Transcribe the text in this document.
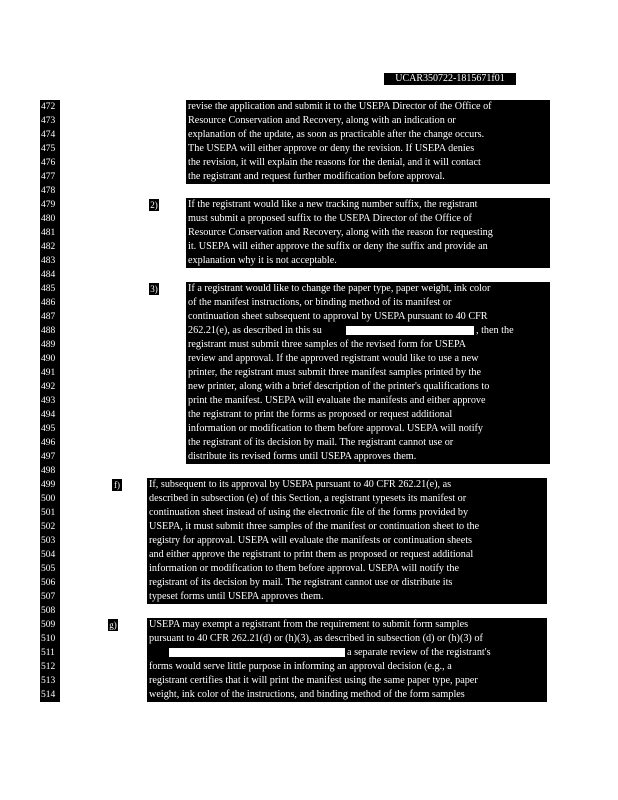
UCAR350722-1815671f01
472
473
474
475
476
477
478
479
480
481
482
483
484
485
486
487
488
489
490
491
492
493
494
495
496
497
498
499
500
501
502
503
504
505
506
507
508
509
510
511
512
513
514
revise the application and submit it to the USEPA Director of the Office of
Resource Conservation and Recovery, along with an indication or
explanation of the update, as soon as practicable after the change occurs.
The USEPA will either approve or deny the revision. If USEPA denies
the revision, it will explain the reasons for the denial, and it will contact
the registrant and request further modification before approval.
2)	If the registrant would like a new tracking number suffix, the registrant
must submit a proposed suffix to the USEPA Director of the Office of
Resource Conservation and Recovery, along with the reason for requesting
it. USEPA will either approve the suffix or deny the suffix and provide an
explanation why it is not acceptable.
3)	If a registrant would like to change the paper type, paper weight, ink color
of the manifest instructions, or binding method of its manifest or
continuation sheet subsequent to approval by USEPA pursuant to 40 CFR
262.21(e), as described in this su	, then the
registrant must submit three samples of the revised form for USEPA
review and approval. If the approved registrant would like to use a new
printer, the registrant must submit three manifest samples printed by the
new printer, along with a brief description of the printer's qualifications to
print the manifest. USEPA will evaluate the manifests and either approve
the registrant to print the forms as proposed or request additional
information or modification to them before approval. USEPA will notify
the registrant of its decision by mail. The registrant cannot use or
distribute its revised forms until USEPA approves them.
f)	If, subsequent to its approval by USEPA pursuant to 40 CFR 262.21(e), as
described in subsection (e) of this Section, a registrant typesets its manifest or
continuation sheet instead of using the electronic file of the forms provided by
USEPA, it must submit three samples of the manifest or continuation sheet to the
registry for approval. USEPA will evaluate the manifests or continuation sheets
and either approve the registrant to print them as proposed or request additional
information or modification to them before approval. USEPA will notify the
registrant of its decision by mail. The registrant cannot use or distribute its
typeset forms until USEPA approves them.
g)	USEPA may exempt a registrant from the requirement to submit form samples
pursuant to 40 CFR 262.21(d) or (h)(3), as described in subsection (d) or (h)(3) of
a separate review of the registrant's
forms would serve little purpose in informing an approval decision (e.g., a
registrant certifies that it will print the manifest using the same paper type, paper
weight, ink color of the instructions, and binding method of the form samples
